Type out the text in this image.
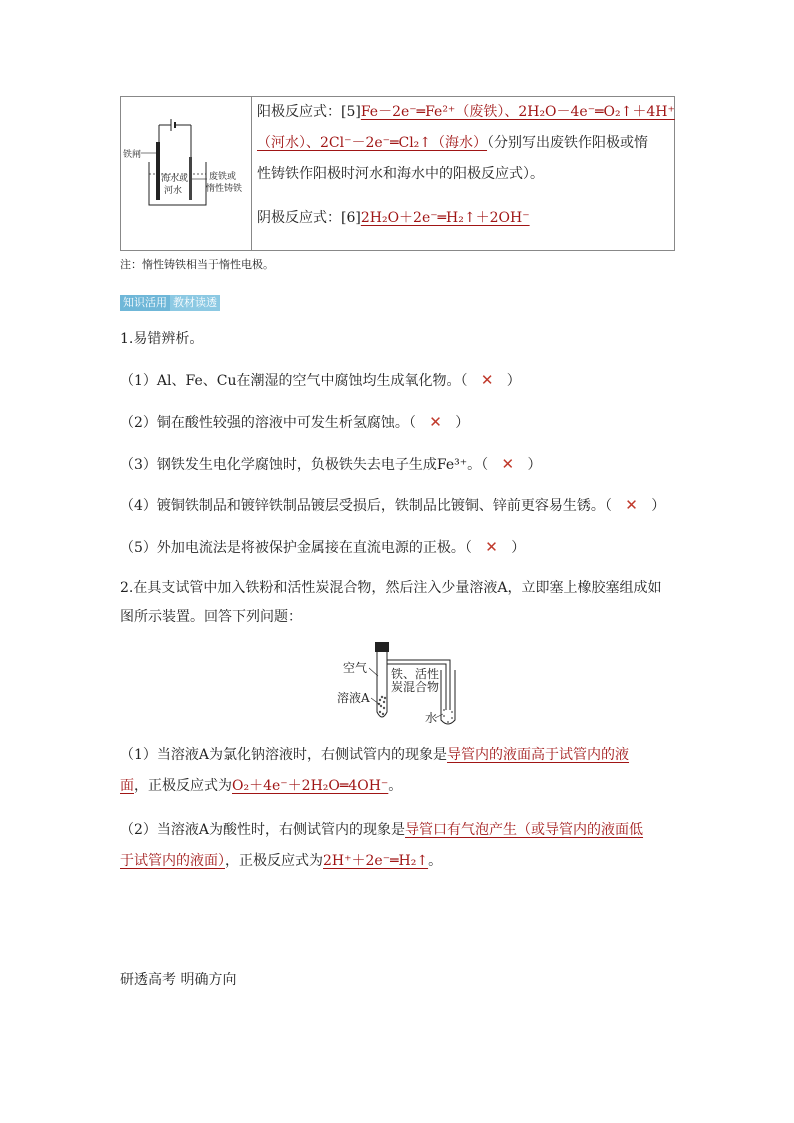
铁闸
海水或
河水
废铁或
惰性铸铁
阳极反应式：[5]Fe－2e⁻═Fe²⁺（废铁）、2H₂O－4e⁻═O₂↑＋4H⁺
（河水）、2Cl⁻－2e⁻═Cl₂↑（海水）（分别写出废铁作阳极或惰
性铸铁作阳极时河水和海水中的阳极反应式）。
阴极反应式：[6]2H₂O＋2e⁻═H₂↑＋2OH⁻
注：惰性铸铁相当于惰性电极。
知识活用 教材读透
1.易错辨析。
（1）Al、Fe、Cu在潮湿的空气中腐蚀均生成氧化物。（ ✕ ）
（2）铜在酸性较强的溶液中可发生析氢腐蚀。（ ✕ ）
（3）钢铁发生电化学腐蚀时，负极铁失去电子生成Fe³⁺。（ ✕ ）
（4）镀铜铁制品和镀锌铁制品镀层受损后，铁制品比镀铜、锌前更容易生锈。（ ✕ ）
（5）外加电流法是将被保护金属接在直流电源的正极。（ ✕ ）
2.在具支试管中加入铁粉和活性炭混合物，然后注入少量溶液A，立即塞上橡胶塞组成如
图所示装置。回答下列问题：
空气 铁、活性
炭混合物
溶液A
水
（1）当溶液A为氯化钠溶液时，右侧试管内的现象是导管内的液面高于试管内的液
面，正极反应式为O₂＋4e⁻＋2H₂O═4OH⁻。
（2）当溶液A为酸性时，右侧试管内的现象是导管口有气泡产生（或导管内的液面低
于试管内的液面），正极反应式为2H⁺＋2e⁻═H₂↑。
研透高考 明确方向
